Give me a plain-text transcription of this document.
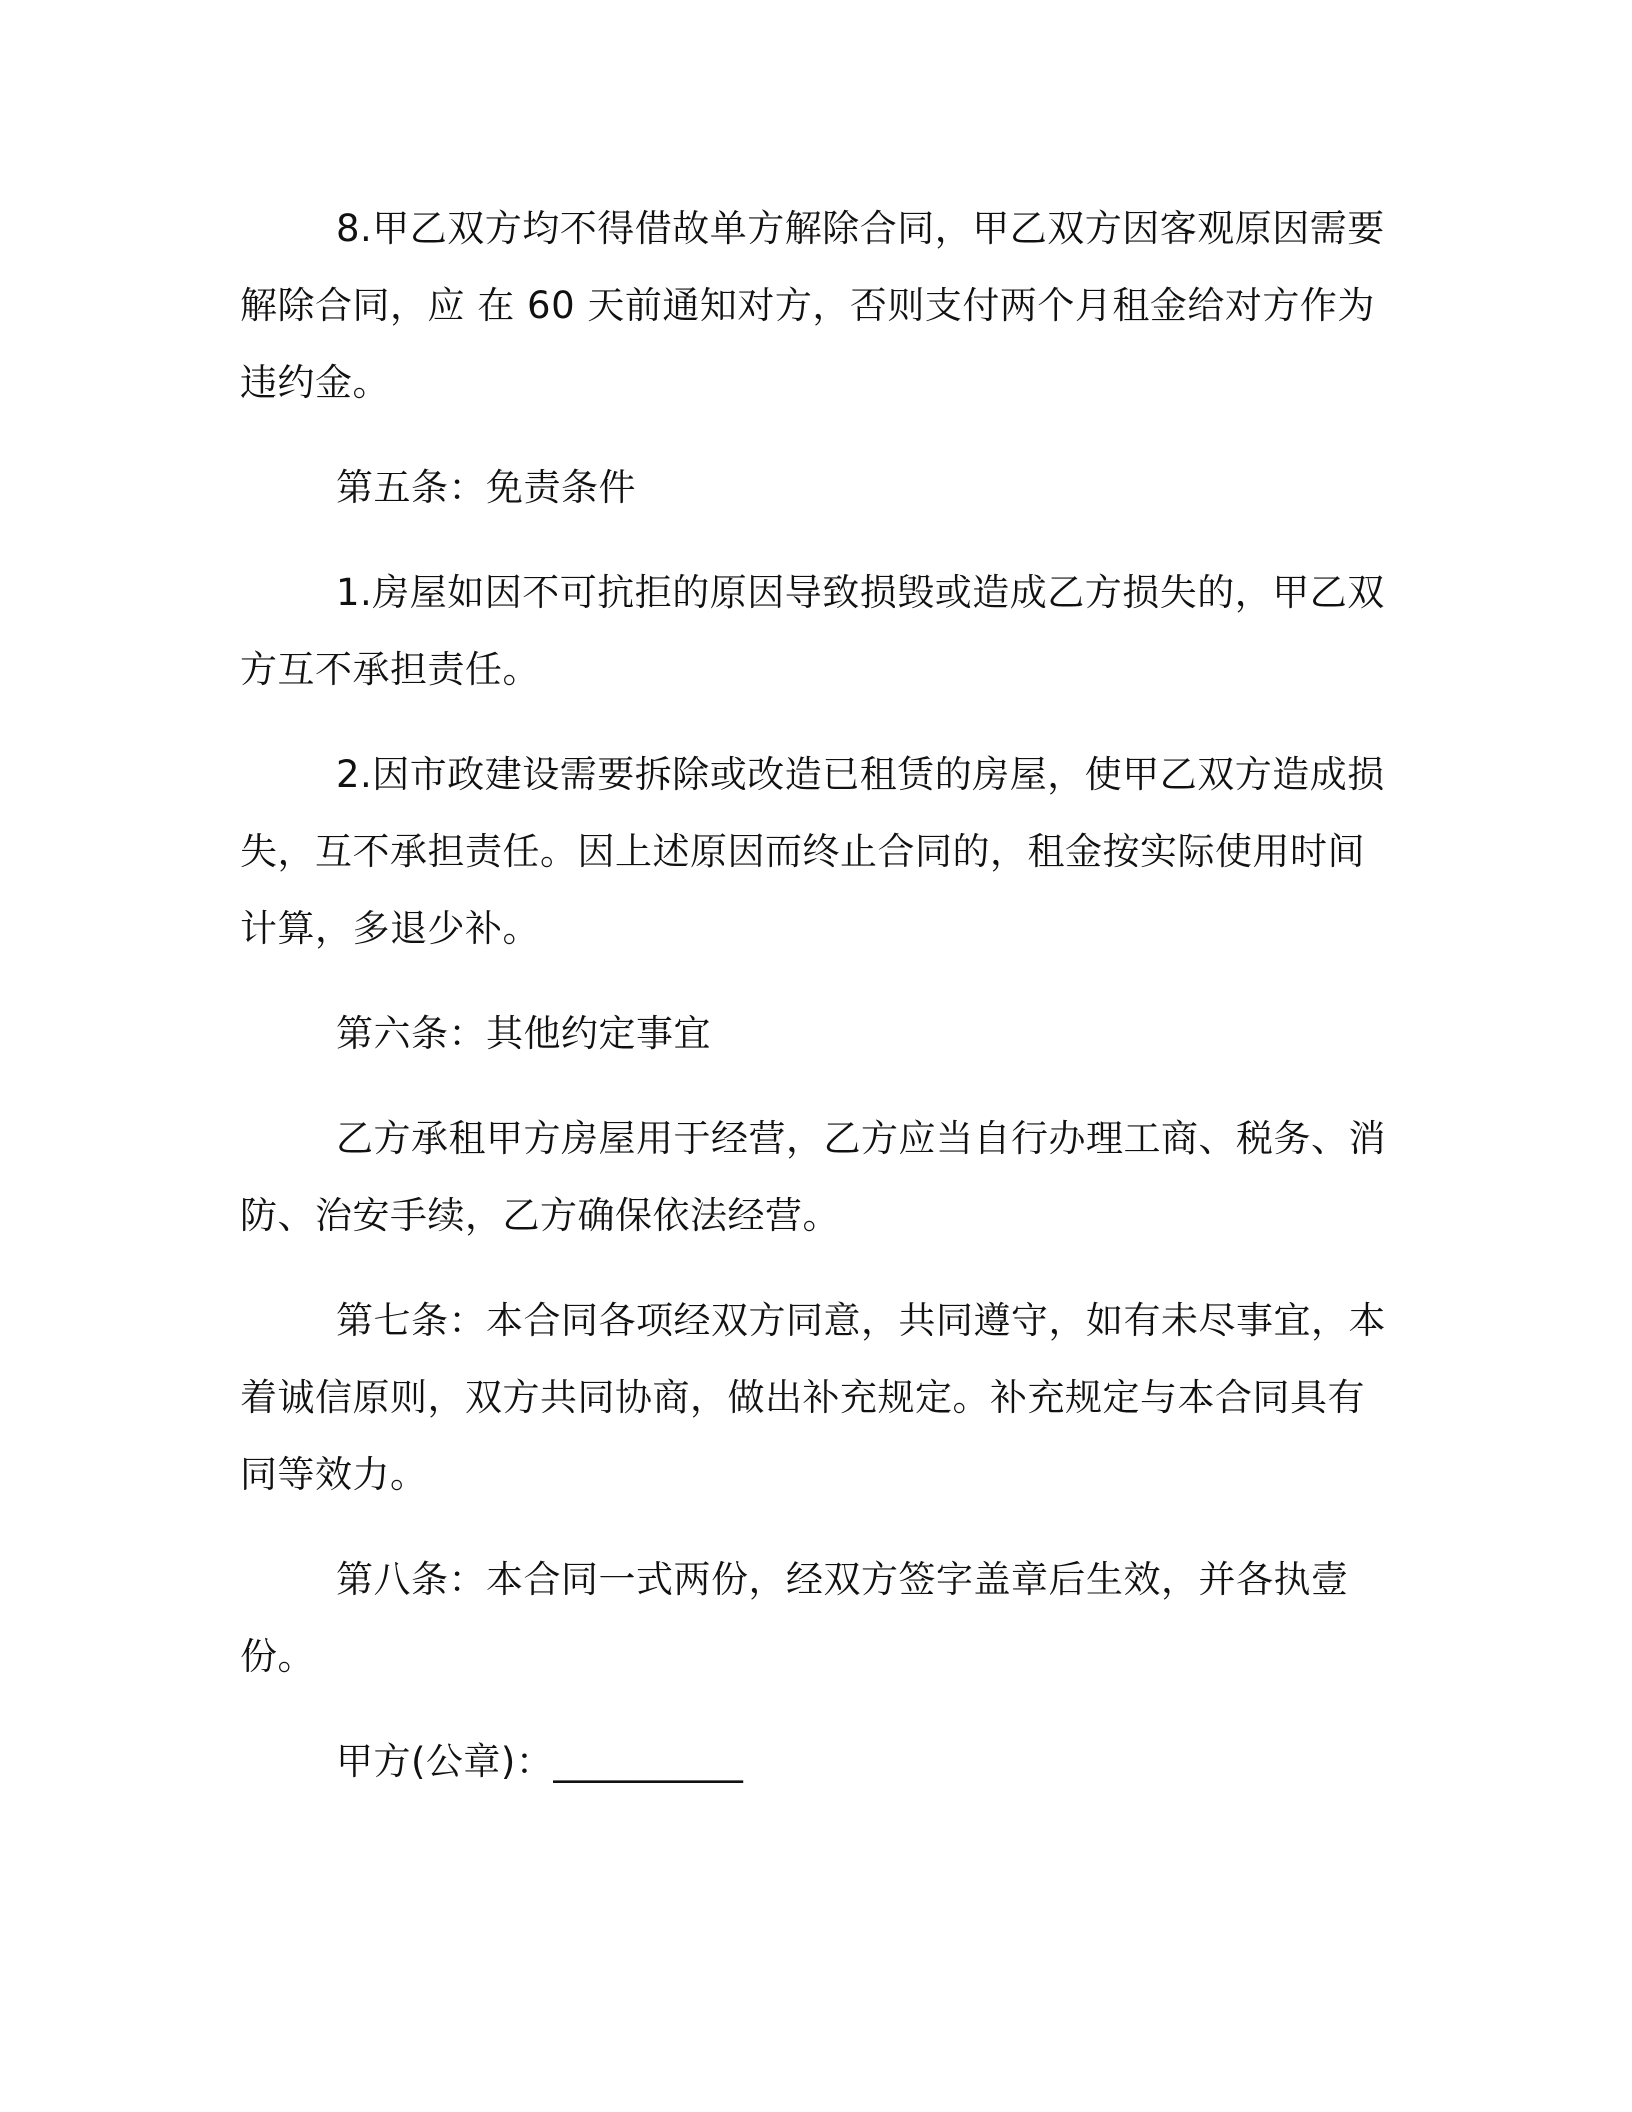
8.甲乙双方均不得借故单方解除合同，甲乙双方因客观原因需要解除合同，应 在 60 天前通知对方，否则支付两个月租金给对方作为违约金。

第五条：免责条件

1.房屋如因不可抗拒的原因导致损毁或造成乙方损失的，甲乙双方互不承担责任。

2.因市政建设需要拆除或改造已租赁的房屋，使甲乙双方造成损失，互不承担责任。因上述原因而终止合同的，租金按实际使用时间计算，多退少补。

第六条：其他约定事宜

乙方承租甲方房屋用于经营，乙方应当自行办理工商、税务、消防、治安手续，乙方确保依法经营。

第七条：本合同各项经双方同意，共同遵守，如有未尽事宜，本着诚信原则，双方共同协商，做出补充规定。补充规定与本合同具有同等效力。

第八条：本合同一式两份，经双方签字盖章后生效，并各执壹份。

甲方(公章)：__________
